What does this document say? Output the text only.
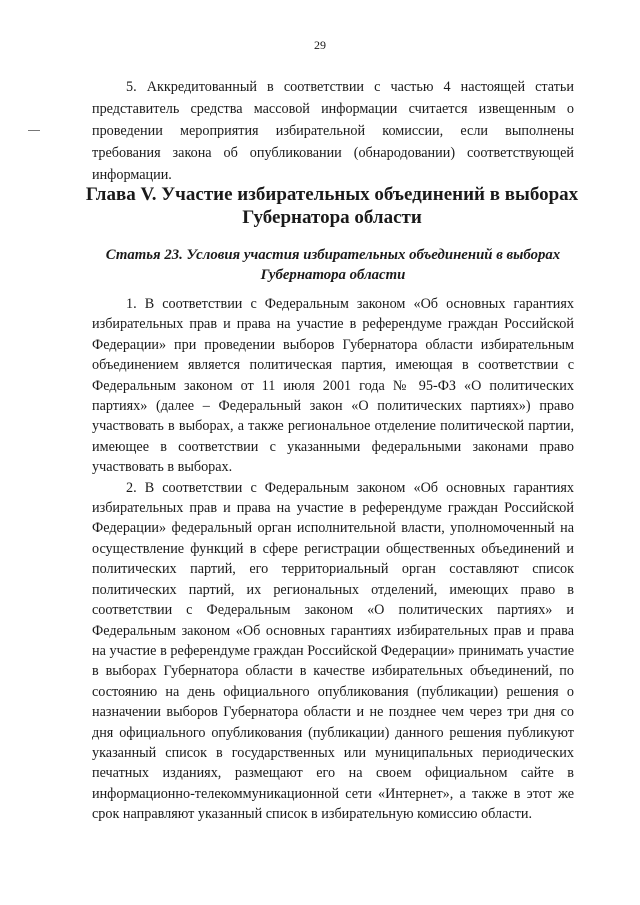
29

5. Аккредитованный в соответствии с частью 4 настоящей статьи представитель средства массовой информации считается извещенным о проведении мероприятия избирательной комиссии, если выполнены требования закона об опубликовании (обнародовании) соответствующей информации.

Глава V. Участие избирательных объединений в выборах Губернатора области
Статья 23. Условия участия избирательных объединений в выборах Губернатора области

1. В соответствии с Федеральным законом «Об основных гарантиях избирательных прав и права на участие в референдуме граждан Российской Федерации» при проведении выборов Губернатора области избирательным объединением является политическая партия, имеющая в соответствии с Федеральным законом от 11 июля 2001 года № 95-ФЗ «О политических партиях» (далее – Федеральный закон «О политических партиях») право участвовать в выборах, а также региональное отделение политической партии, имеющее в соответствии с указанными федеральными законами право участвовать в выборах.

2. В соответствии с Федеральным законом «Об основных гарантиях избирательных прав и права на участие в референдуме граждан Российской Федерации» федеральный орган исполнительной власти, уполномоченный на осуществление функций в сфере регистрации общественных объединений и политических партий, его территориальный орган составляют список политических партий, их региональных отделений, имеющих право в соответствии с Федеральным законом «О политических партиях» и Федеральным законом «Об основных гарантиях избирательных прав и права на участие в референдуме граждан Российской Федерации» принимать участие в выборах Губернатора области в качестве избирательных объединений, по состоянию на день официального опубликования (публикации) решения о назначении выборов Губернатора области и не позднее чем через три дня со дня официального опубликования (публикации) данного решения публикуют указанный список в государственных или муниципальных периодических печатных изданиях, размещают его на своем официальном сайте в информационно-телекоммуникационной сети «Интернет», а также в этот же срок направляют указанный список в избирательную комиссию области.
